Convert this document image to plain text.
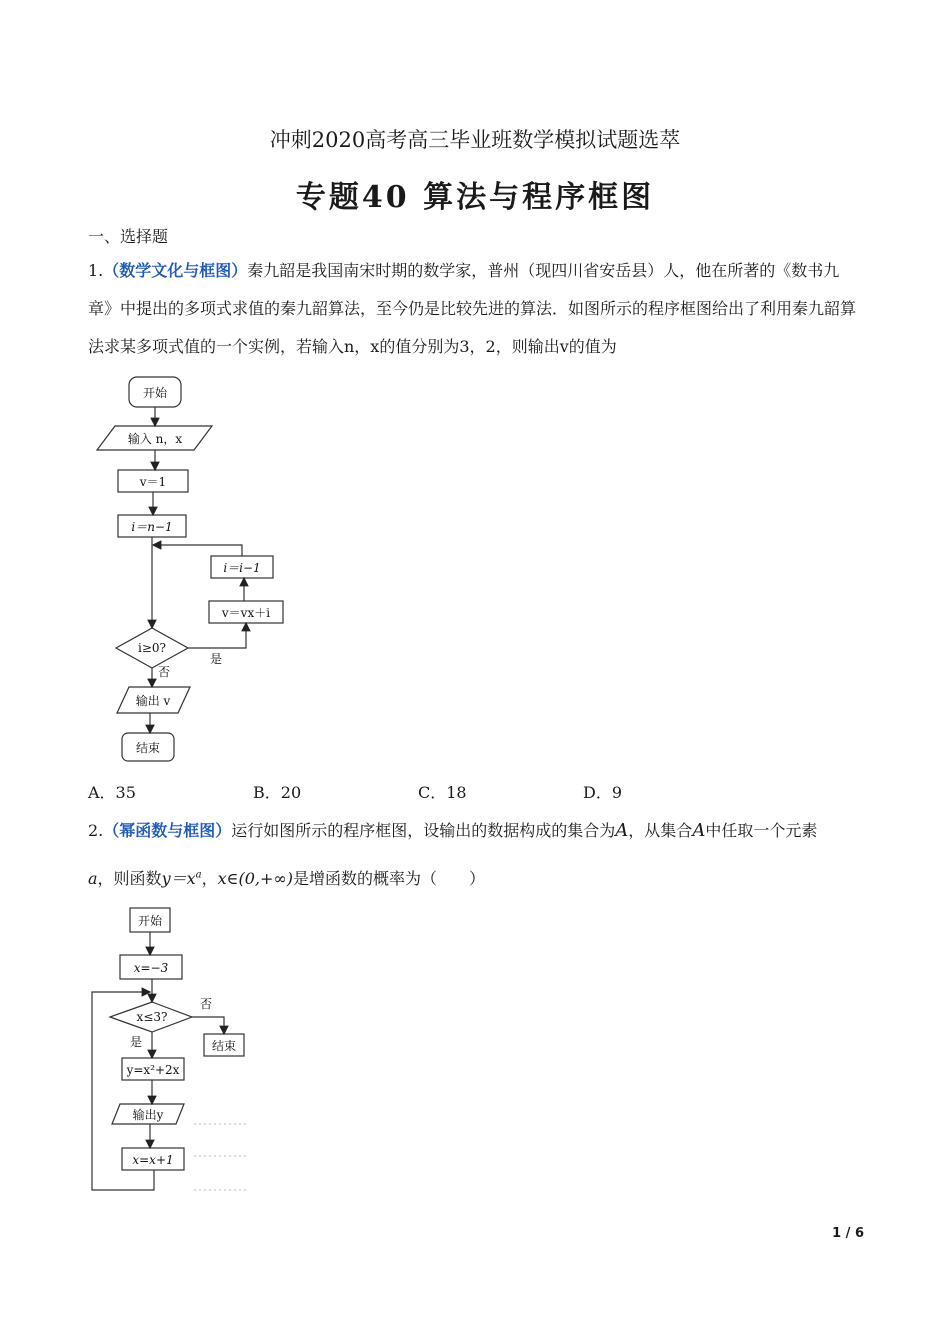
冲刺2020高考高三毕业班数学模拟试题选萃
专题40 算法与程序框图
一、选择题
1.（数学文化与框图）秦九韶是我国南宋时期的数学家，普州（现四川省安岳县）人，他在所著的《数书九章》中提出的多项式求值的秦九韶算法，至今仍是比较先进的算法．如图所示的程序框图给出了利用秦九韶算法求某多项式值的一个实例，若输入n，x的值分别为3，2，则输出v的值为
开始
输入 n，x
v＝1
i＝n−1
i＝i−1
v＝vx＋i
i≥0?
否
是
输出 v
结束
A．35	B．20	C．18	D．9
2.（幂函数与框图）运行如图所示的程序框图，设输出的数据构成的集合为A，从集合A中任取一个元素
a，则函数$y=x^a$，x∈(0,+∞)是增函数的概率为（　　）
开始
x=−3
x≤3?
否
结束
是
y=x²+2x
输出y
x=x+1
1 / 6
